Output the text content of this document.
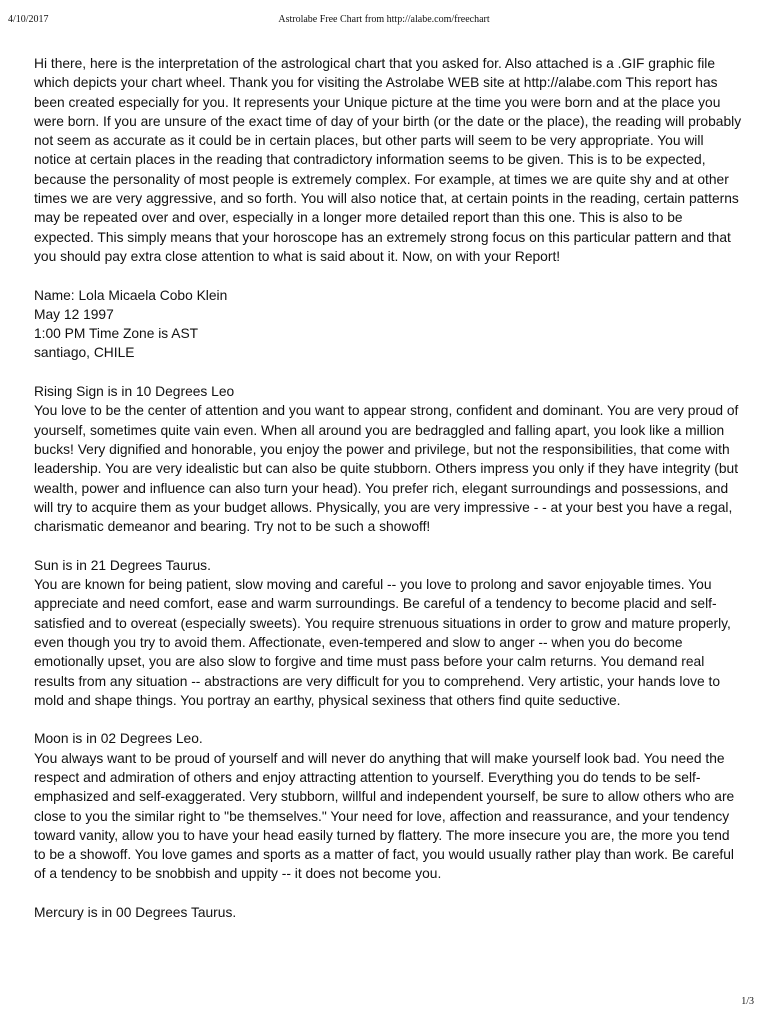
4/10/2017	Astrolabe Free Chart from http://alabe.com/freechart

Hi there, here is the interpretation of the astrological chart that you asked for. Also attached is a .GIF graphic file which depicts your chart wheel. Thank you for visiting the Astrolabe WEB site at http://alabe.com This report has been created especially for you. It represents your Unique picture at the time you were born and at the place you were born. If you are unsure of the exact time of day of your birth (or the date or the place), the reading will probably not seem as accurate as it could be in certain places, but other parts will seem to be very appropriate. You will notice at certain places in the reading that contradictory information seems to be given. This is to be expected, because the personality of most people is extremely complex. For example, at times we are quite shy and at other times we are very aggressive, and so forth. You will also notice that, at certain points in the reading, certain patterns may be repeated over and over, especially in a longer more detailed report than this one. This is also to be expected. This simply means that your horoscope has an extremely strong focus on this particular pattern and that you should pay extra close attention to what is said about it. Now, on with your Report!

Name: Lola Micaela Cobo Klein
May 12 1997
1:00 PM Time Zone is AST
santiago, CHILE

Rising Sign is in 10 Degrees Leo
You love to be the center of attention and you want to appear strong, confident and dominant. You are very proud of yourself, sometimes quite vain even. When all around you are bedraggled and falling apart, you look like a million bucks! Very dignified and honorable, you enjoy the power and privilege, but not the responsibilities, that come with leadership. You are very idealistic but can also be quite stubborn. Others impress you only if they have integrity (but wealth, power and influence can also turn your head). You prefer rich, elegant surroundings and possessions, and will try to acquire them as your budget allows. Physically, you are very impressive - - at your best you have a regal, charismatic demeanor and bearing. Try not to be such a showoff!

Sun is in 21 Degrees Taurus.
You are known for being patient, slow moving and careful -- you love to prolong and savor enjoyable times. You appreciate and need comfort, ease and warm surroundings. Be careful of a tendency to become placid and self-satisfied and to overeat (especially sweets). You require strenuous situations in order to grow and mature properly, even though you try to avoid them. Affectionate, even-tempered and slow to anger -- when you do become emotionally upset, you are also slow to forgive and time must pass before your calm returns. You demand real results from any situation -- abstractions are very difficult for you to comprehend. Very artistic, your hands love to mold and shape things. You portray an earthy, physical sexiness that others find quite seductive.

Moon is in 02 Degrees Leo.
You always want to be proud of yourself and will never do anything that will make yourself look bad. You need the respect and admiration of others and enjoy attracting attention to yourself. Everything you do tends to be self-emphasized and self-exaggerated. Very stubborn, willful and independent yourself, be sure to allow others who are close to you the similar right to "be themselves." Your need for love, affection and reassurance, and your tendency toward vanity, allow you to have your head easily turned by flattery. The more insecure you are, the more you tend to be a showoff. You love games and sports as a matter of fact, you would usually rather play than work. Be careful of a tendency to be snobbish and uppity -- it does not become you.

Mercury is in 00 Degrees Taurus.

1/3
